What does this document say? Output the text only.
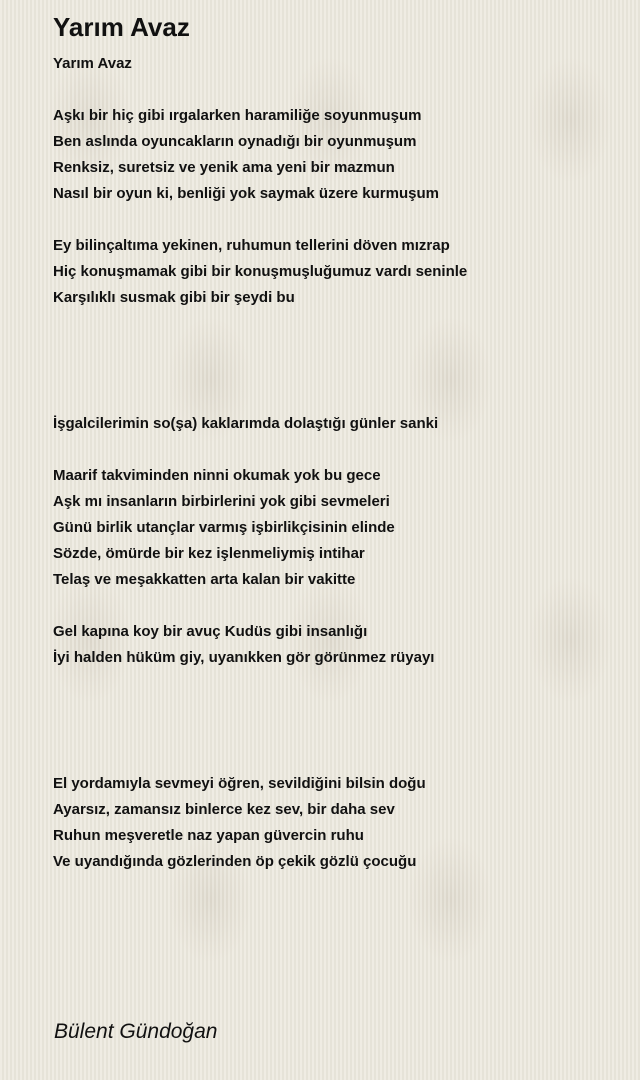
Yarım Avaz

Yarım Avaz

Aşkı bir hiç gibi ırgalarken haramiliğe soyunmuşum

Ben aslında oyuncakların oynadığı bir oyunmuşum

Renksiz, suretsiz ve yenik ama yeni bir mazmun

Nasıl bir oyun ki, benliği yok saymak üzere kurmuşum

Ey bilinçaltıma yekinen, ruhumun tellerini döven mızrap

Hiç konuşmamak gibi bir konuşmuşluğumuz vardı seninle

Karşılıklı susmak gibi bir şeydi bu

İşgalcilerimin so(şa) kaklarımda dolaştığı günler sanki

Maarif takviminden ninni okumak yok bu gece

Aşk mı insanların birbirlerini yok gibi sevmeleri

Günü birlik utançlar varmış işbirlikçisinin elinde

Sözde, ömürde bir kez işlenmeliymiş intihar

Telaş ve meşakkatten arta kalan bir vakitte

Gel kapına koy bir avuç Kudüs gibi insanlığı

İyi halden hüküm giy, uyanıkken gör görünmez rüyayı

El yordamıyla sevmeyi öğren, sevildiğini bilsin doğu

Ayarsız, zamansız binlerce kez sev, bir daha sev

Ruhun meşveretle naz yapan güvercin ruhu

Ve uyandığında gözlerinden öp çekik gözlü çocuğu

Bülent Gündoğan
